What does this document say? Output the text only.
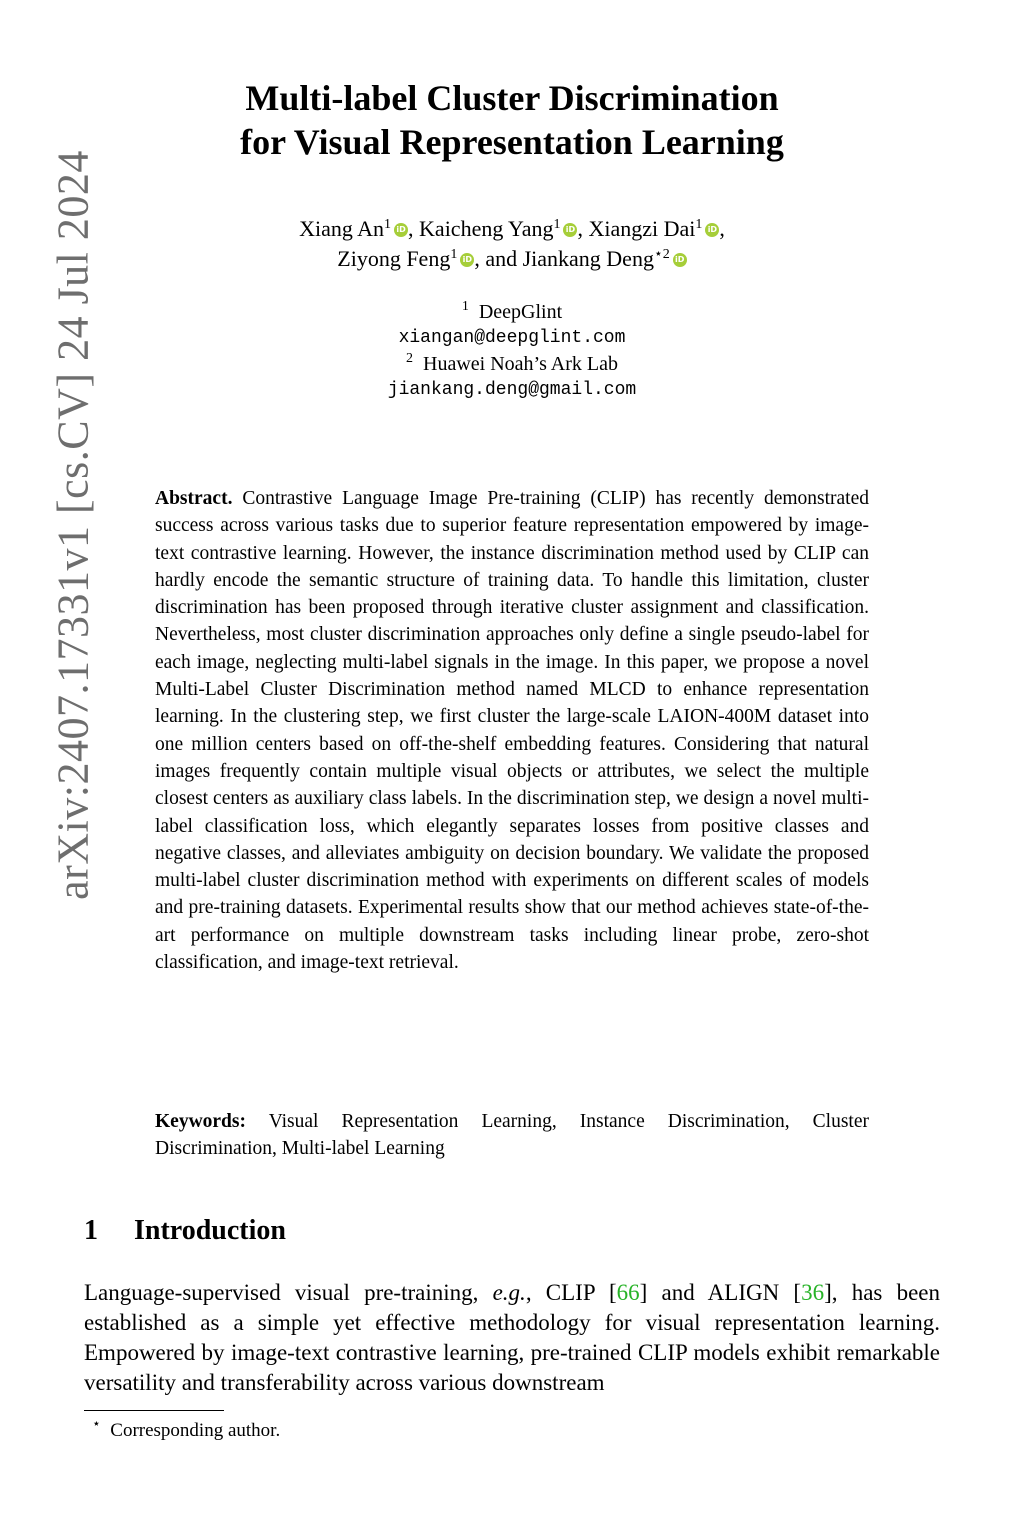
arXiv:2407.17331v1 [cs.CV] 24 Jul 2024
Multi-label Cluster Discrimination
for Visual Representation Learning
Xiang An$^1$ iD , Kaicheng Yang$^1$ iD , Xiangzi Dai$^1$ iD ,
Ziyong Feng$^1$ iD , and Jiankang Deng$^{⋆2}$ iD
$^1$ DeepGlint
xiangan@deepglint.com
$^2$ Huawei Noah’s Ark Lab
jiankang.deng@gmail.com
Abstract. Contrastive Language Image Pre-training (CLIP) has recently demonstrated success across various tasks due to superior feature representation empowered by image-text contrastive learning. However, the instance discrimination method used by CLIP can hardly encode the semantic structure of training data. To handle this limitation, cluster discrimination has been proposed through iterative cluster assignment and classification. Nevertheless, most cluster discrimination approaches only define a single pseudo-label for each image, neglecting multi-label signals in the image. In this paper, we propose a novel Multi-Label Cluster Discrimination method named MLCD to enhance representation learning. In the clustering step, we first cluster the large-scale LAION-400M dataset into one million centers based on off-the-shelf embedding features. Considering that natural images frequently contain multiple visual objects or attributes, we select the multiple closest centers as auxiliary class labels. In the discrimination step, we design a novel multi-label classification loss, which elegantly separates losses from positive classes and negative classes, and alleviates ambiguity on decision boundary. We validate the proposed multi-label cluster discrimination method with experiments on different scales of models and pre-training datasets. Experimental results show that our method achieves state-of-the-art performance on multiple downstream tasks including linear probe, zero-shot classification, and image-text retrieval.
Keywords: Visual Representation Learning, Instance Discrimination, Cluster Discrimination, Multi-label Learning
1 Introduction
Language-supervised visual pre-training, e.g., CLIP [66] and ALIGN [36], has been established as a simple yet effective methodology for visual representation learning. Empowered by image-text contrastive learning, pre-trained CLIP models exhibit remarkable versatility and transferability across various downstream
⋆ Corresponding author.
